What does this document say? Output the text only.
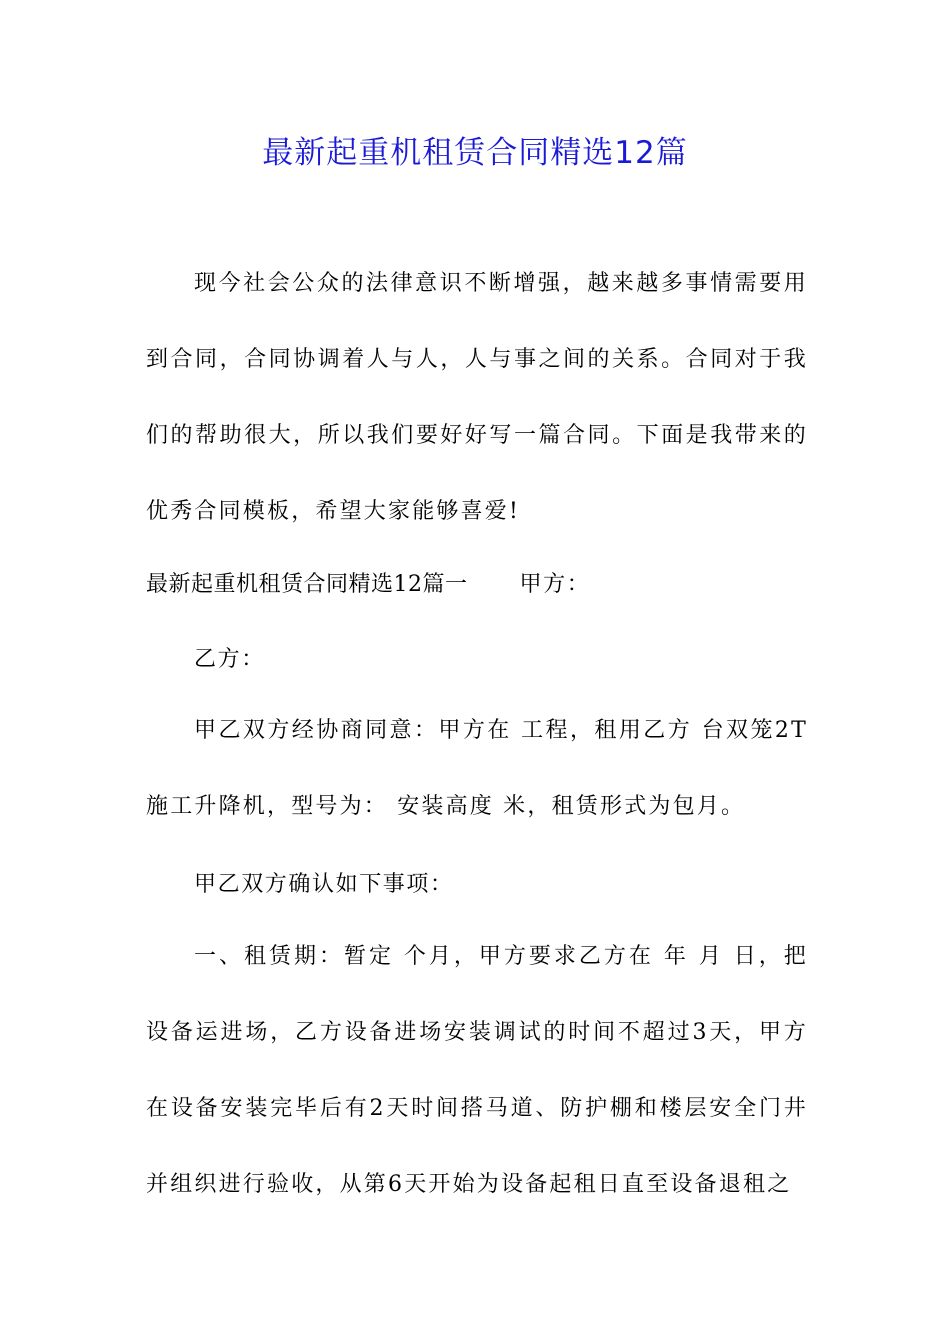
最新起重机租赁合同精选12篇

现今社会公众的法律意识不断增强，越来越多事情需要用到合同，合同协调着人与人，人与事之间的关系。合同对于我们的帮助很大，所以我们要好好写一篇合同。下面是我带来的优秀合同模板，希望大家能够喜爱!

最新起重机租赁合同精选12篇一 甲方：
乙方：

甲乙双方经协商同意：甲方在 工程，租用乙方 台双笼2T施工升降机，型号为： 安装高度 米，租赁形式为包月。

甲乙双方确认如下事项：

一、租赁期：暂定 个月，甲方要求乙方在 年 月 日，把设备运进场，乙方设备进场安装调试的时间不超过3天，甲方在设备安装完毕后有2天时间搭马道、防护棚和楼层安全门井并组织进行验收，从第6天开始为设备起租日直至设备退租之
